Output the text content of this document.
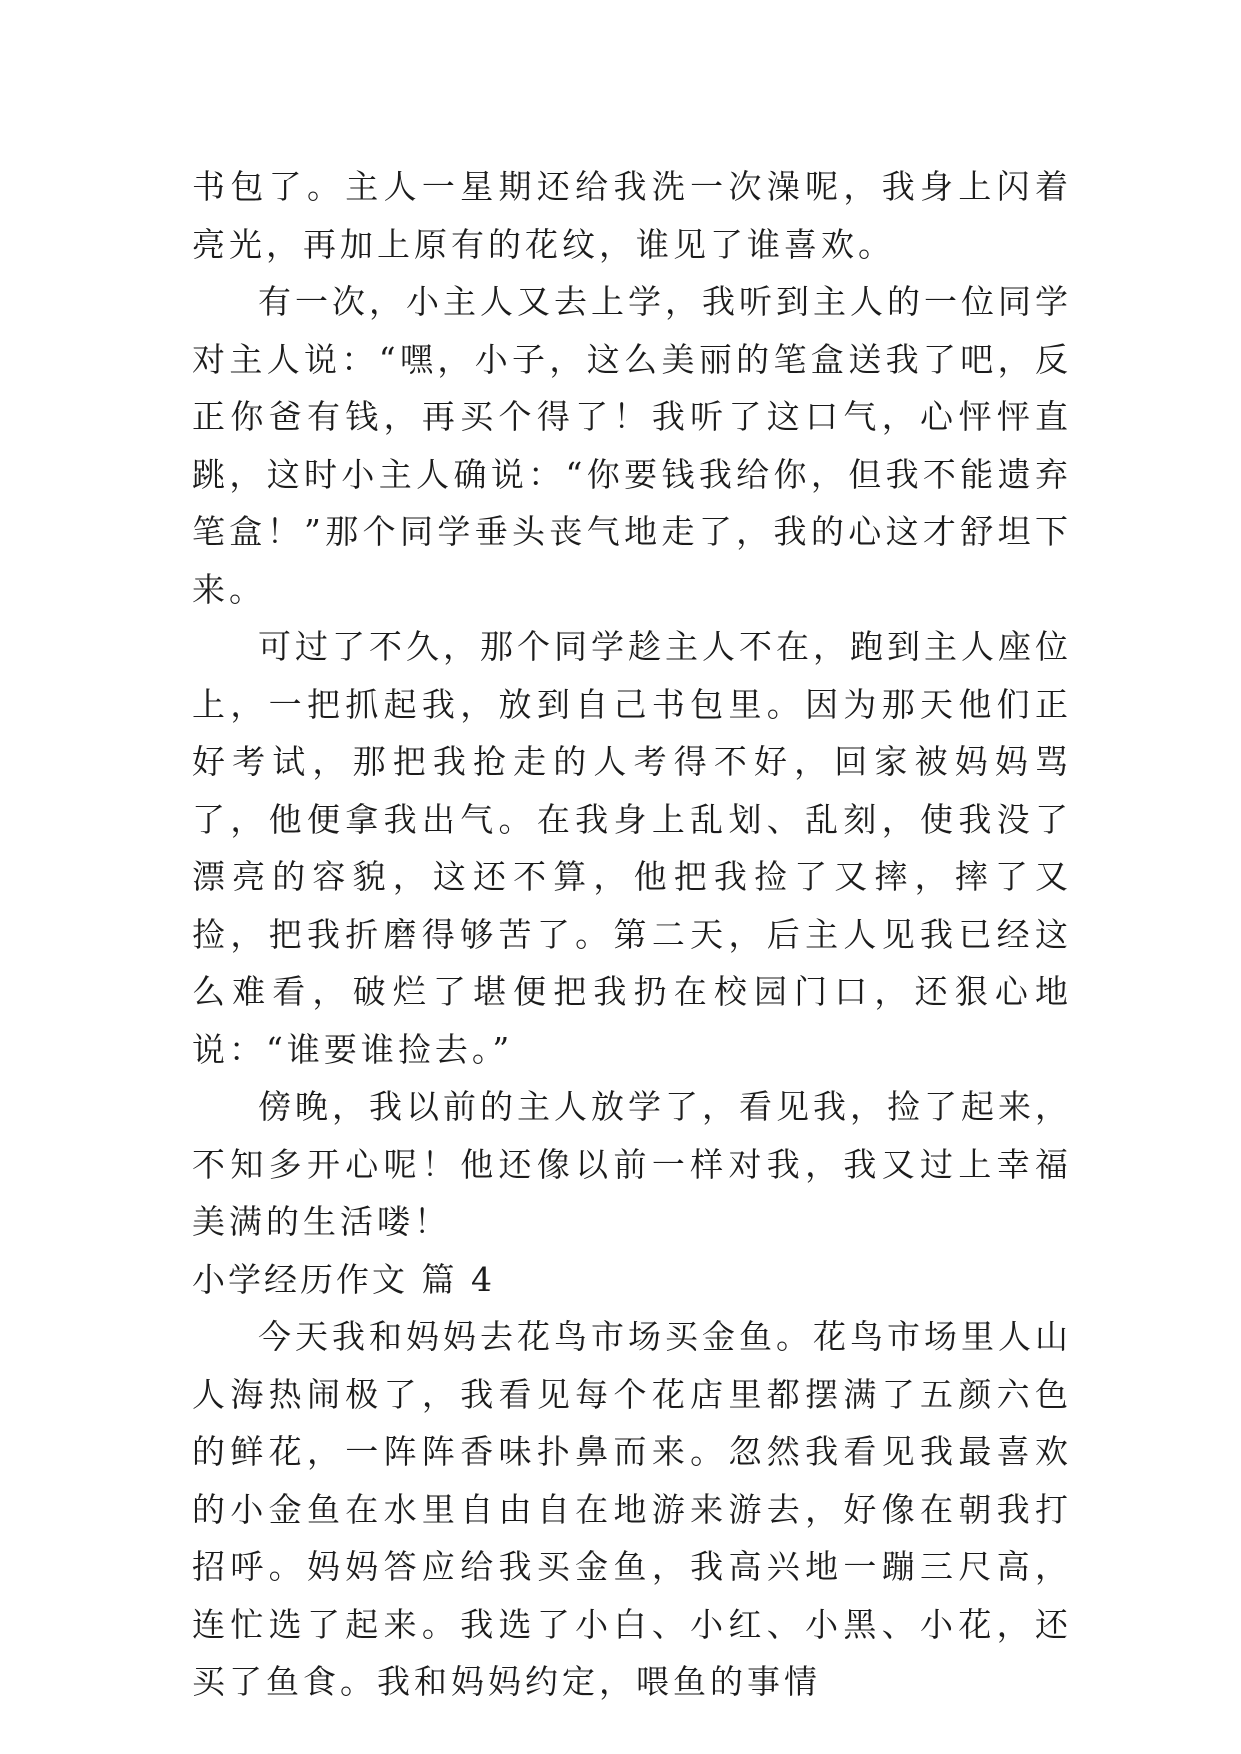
书包了。主人一星期还给我洗一次澡呢，我身上闪着亮光，再加上原有的花纹，谁见了谁喜欢。

有一次，小主人又去上学，我听到主人的一位同学对主人说：“嘿，小子，这么美丽的笔盒送我了吧，反正你爸有钱，再买个得了！我听了这口气，心怦怦直跳，这时小主人确说：“你要钱我给你，但我不能遗弃笔盒！”那个同学垂头丧气地走了，我的心这才舒坦下来。

可过了不久，那个同学趁主人不在，跑到主人座位上，一把抓起我，放到自己书包里。因为那天他们正好考试，那把我抢走的人考得不好，回家被妈妈骂了，他便拿我出气。在我身上乱划、乱刻，使我没了漂亮的容貌，这还不算，他把我捡了又摔，摔了又捡，把我折磨得够苦了。第二天，后主人见我已经这么难看，破烂了堪便把我扔在校园门口，还狠心地说：“谁要谁捡去。”

傍晚，我以前的主人放学了，看见我，捡了起来，不知多开心呢！他还像以前一样对我，我又过上幸福美满的生活喽！

小学经历作文 篇 4

今天我和妈妈去花鸟市场买金鱼。花鸟市场里人山人海热闹极了，我看见每个花店里都摆满了五颜六色的鲜花，一阵阵香味扑鼻而来。忽然我看见我最喜欢的小金鱼在水里自由自在地游来游去，好像在朝我打招呼。妈妈答应给我买金鱼，我高兴地一蹦三尺高，连忙选了起来。我选了小白、小红、小黑、小花，还买了鱼食。我和妈妈约定，喂鱼的事情
